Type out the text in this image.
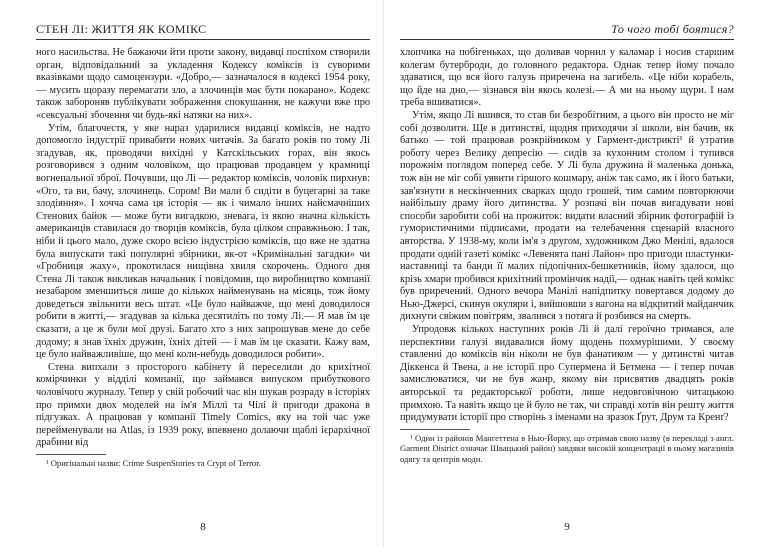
СТЕН ЛІ: ЖИТТЯ ЯК КОМІКС

ного насильства. Не бажаючи йти проти закону, видавці поспіхом створили орган, відповідальний за укладення Кодексу коміксів із суворими вказівками щодо самоцензури. «Добро,— зазначалося в кодексі 1954 року,— мусить щоразу перемагати зло, а злочинців має бути покарано». Кодекс також забороняв публікувати зображення спокушання, не кажучи вже про «сексуальні збочення чи будь-які натяки на них».

Утім, благочестя, у яке нараз ударилися видавці коміксів, не надто допомогло індустрії привабити нових читачів. За багато років по тому Лі згадував, як, проводячи вихідні у Катскільських горах, він якось розговорився з одним чоловіком, що працював продавцем у крамниці вогнепальної зброї. Почувши, що Лі — редактор коміксів, чоловік пирхнув: «Ого, та ви, бачу, злочинець. Сором! Ви мали б сидіти в буцегарні за таке злодіяння». І хочча сама ця історія — як і чимало інших найсмачніших Стенових байок — може бути вигадкою, зневага, із якою значна кількість американців ставилася до творців коміксів, була цілком справжньою. І так, ніби й цього мало, дуже скоро всією індустрією коміксів, що вже не здатна була випускати такі популярні збірники, як-от «Кримінальні загадки» чи «Гробниця жаху», прокотилася нищівна хвиля скорочень. Одного дня Стена Лі також викликав начальник і повідомив, що виробництво компанії незабаром зменшиться лише до кількох найменувань на місяць, тож йому доведеться звільнити весь штат. «Це було найважче, що мені доводилося робити в житті,— згадував за кілька десятиліть по тому Лі.— Я мав їм це сказати, а це ж були мої друзі. Багато хто з них запрошував мене до себе додому; я знав їхніх дружин, їхніх дітей — і мав їм це сказати. Кажу вам, це було найважливіше, що мені коли-небудь доводилося робити».

Стена випхали з просторого кабінету й переселили до крихітної комірчинки у відділі компанії, що займався випуском прибуткового чоловічого журналу. Тепер у свій робочий час він шукав розраду в історіях про примхи двох моделей на ім'я Міллі та Чілі й пригоди дракона в підгузках. А працював у компанії Timely Comics, яку на той час уже перейменували на Atlas, із 1939 року, впевнено долаючи щаблі ієрархічної драбини від

¹ Оригінальні назви: Crime SuspenStories та Crypt of Terror.

8
То чого тобі боятися?

хлопчика на побігеньках, що доливав чорнил у каламар і носив старшим колегам бутерброди, до головного редактора. Однак тепер йому почало здаватися, що вся його галузь приречена на загибель. «Це ніби корабель, що йде на дно,— зізнався він якось колезі.— А ми на ньому щури. І нам треба вшиватися».

Утім, якщо Лі вшився, то став би безробітним, а цього він просто не міг собі дозволити. Ще в дитинстві, щодня приходячи зі школи, він бачив, як батько — той працював розкрійником у Гармент-дистрикті¹ й утратив роботу через Велику депресію — сидів за кухонним столом і тупився порожнім поглядом поперед себе. У Лі була дружина й маленька донька, тож він не міг собі уявити гіршого кошмару, аніж так само, як і його батьки, зав'язнути в нескінченних сварках щодо грошей, тим самим повторюючи найбільшу драму його дитинства. У розпачі він почав вигадувати нові способи заробити собі на прожиток: видати власний збірник фотографій із гумористичними підписами, продати на телебачення сценарій власного авторства. У 1938-му, коли ім'я з другом, художником Джо Менілі, вдалося продати одній газеті комікс «Левенята пані Лайон» про пригоди пластунки-наставниці та банди її малих підопічних-бешкетників, йому здалося, що крізь хмари пробився крихітний промінчик надії,— однак навіть цей комікс був приречений. Одного вечора Манілі напідпитку повертався додому до Нью-Джерсі, скинув окуляри і, вийшовши з вагона на відкритий майданчик дихнути свіжим повітрям, звалився з потяга й розбився на смерть.

Упродовж кількох наступних років Лі й далі героїчно тримався, але перспективи галузі видавалися йому щодень похмурішими. У своєму ставленні до коміксів він ніколи не був фанатиком — у дитинстві читав Діккенса й Твена, а не історії про Супермена й Бетмена — і тепер почав замислюватися, чи не був жанр, якому він присвятив двадцять років авторської та редакторської роботи, лише недовговічною читацькою примхою. Та навіть якщо це й було не так, чи справді хотів він решту життя придумувати історії про створінь з іменами на зразок Ґрут, Друм та Кренґ?

¹ Один із районів Мангеттена в Нью-Йорку, що отримав свою назву (в перекладі з англ. Garment District означає Швацький район) завдяки високій концентрації в ньому магазинів одягу та центрів моди.

9
